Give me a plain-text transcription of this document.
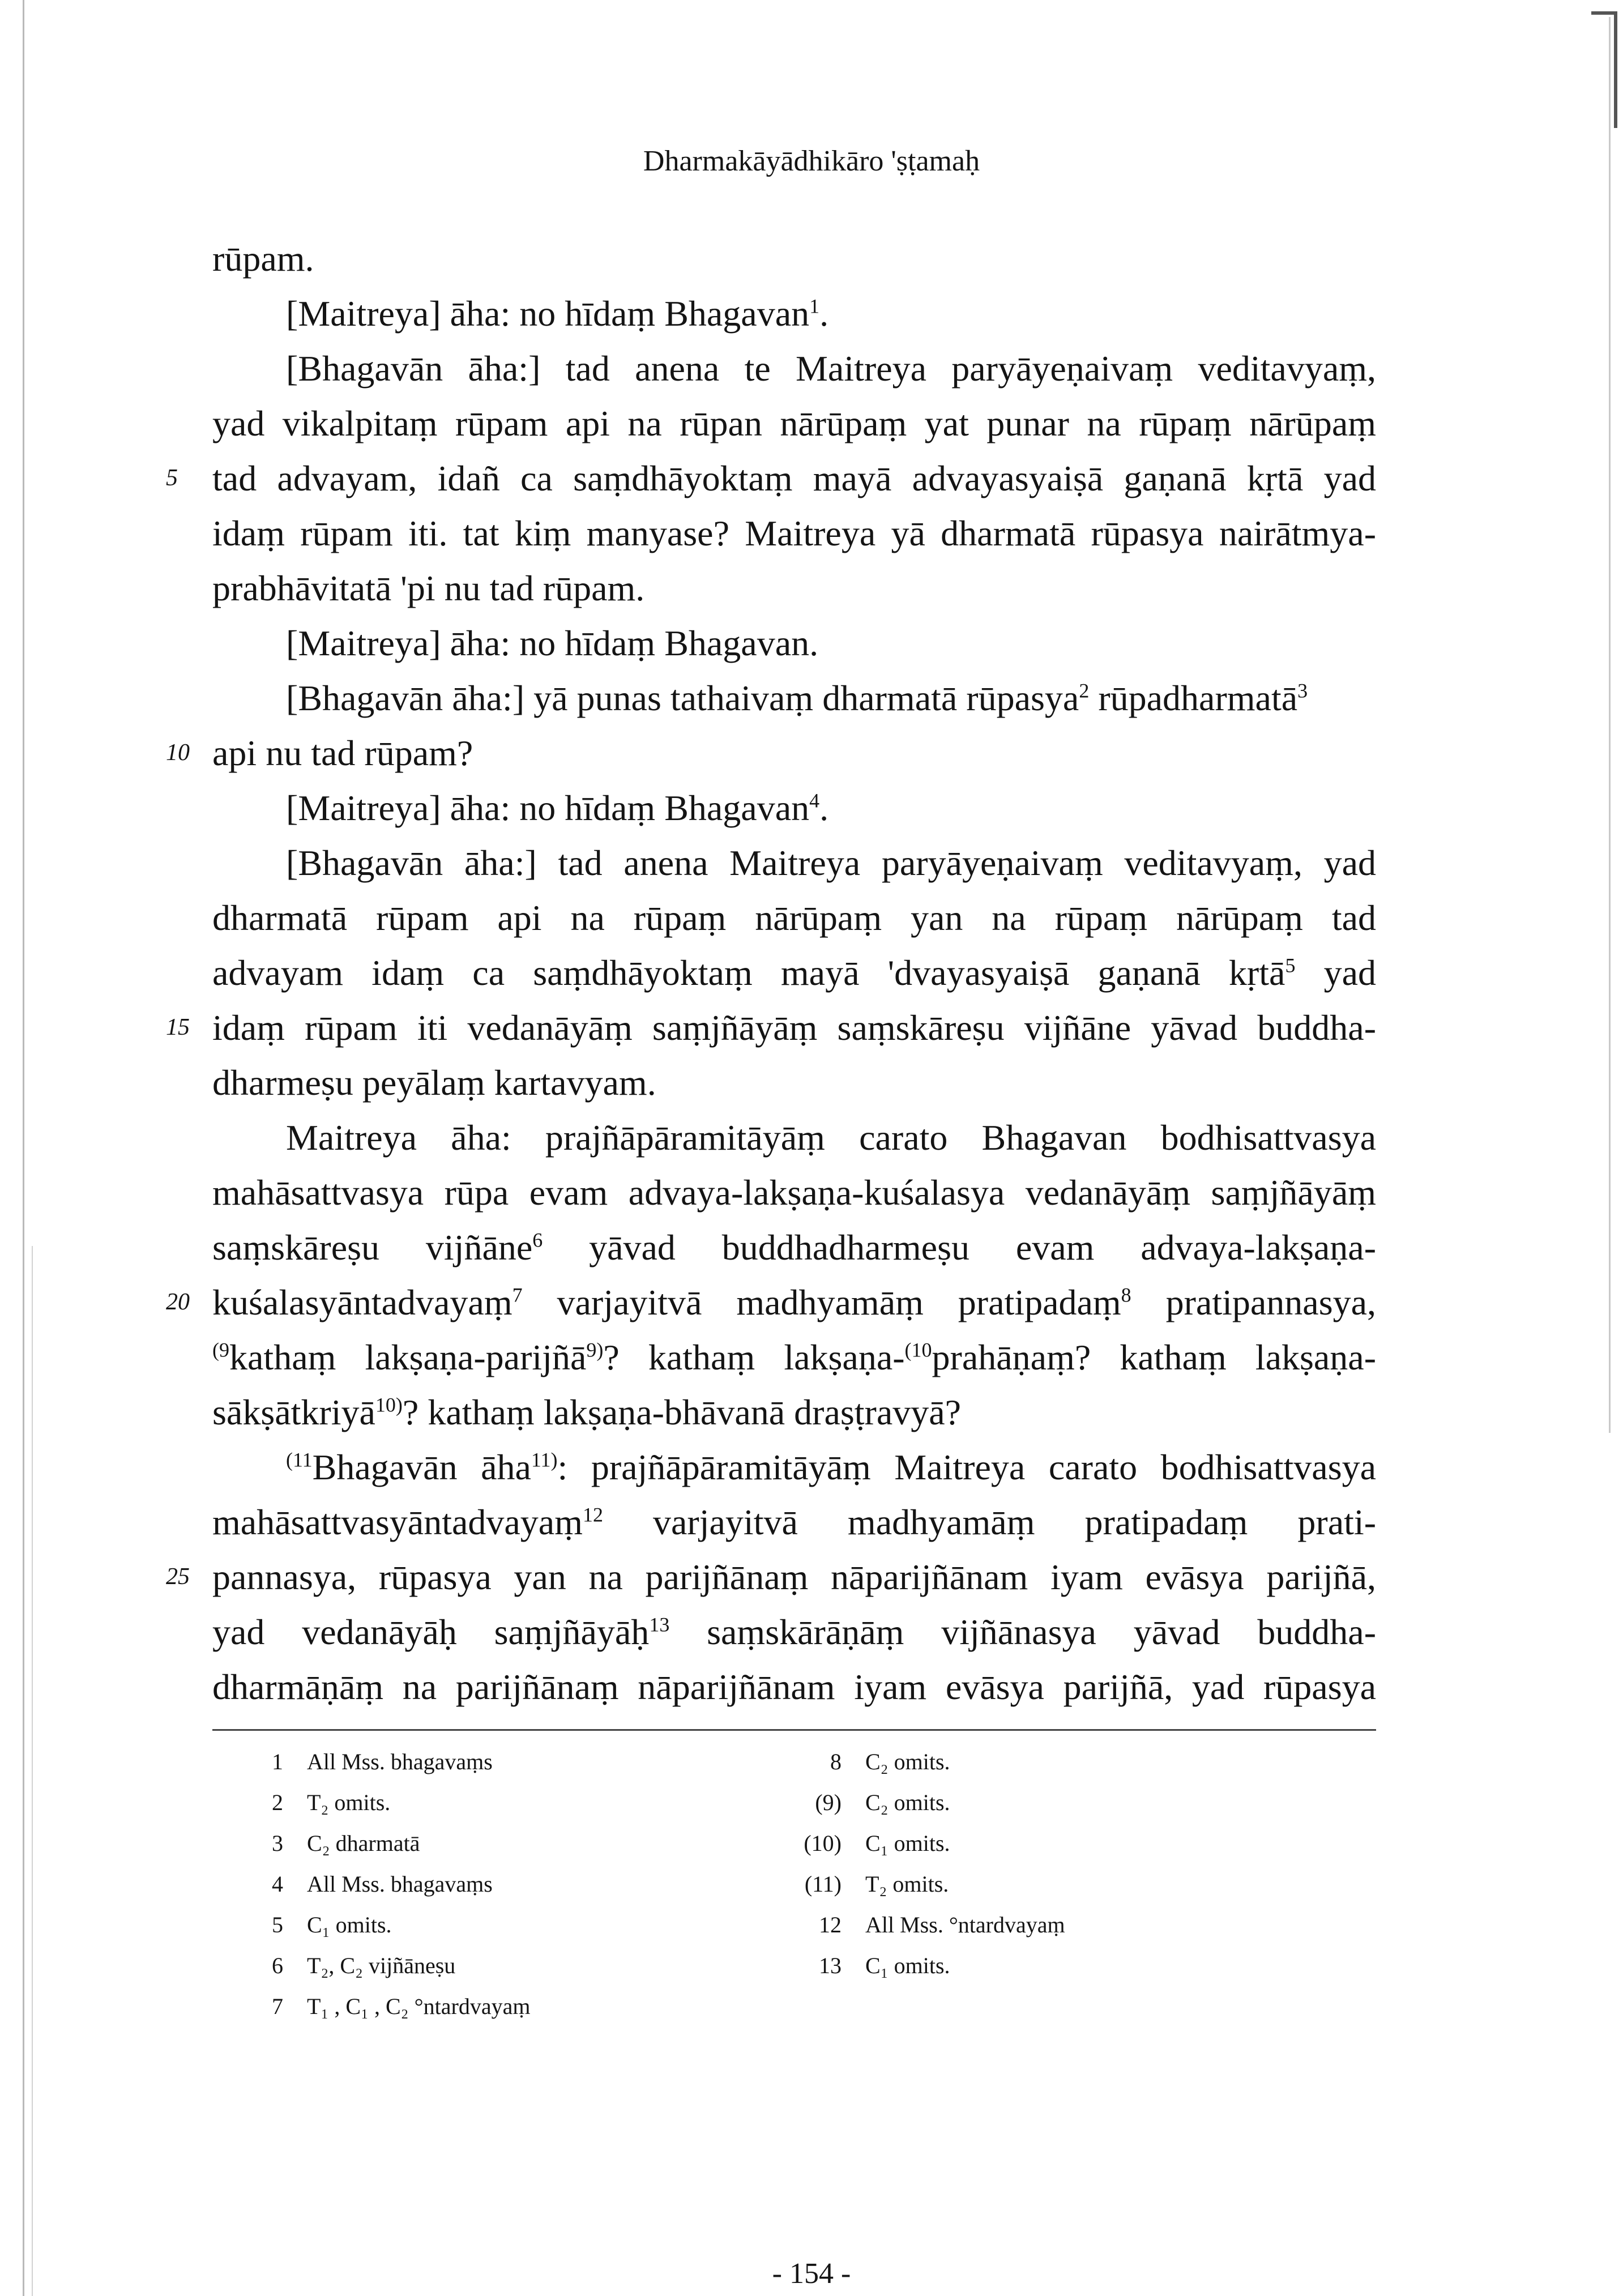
Dharmakāyādhikāro 'ṣṭamaḥ
rūpam.
[Maitreya] āha: no hīdaṃ Bhagavan$^1$.
[Bhagavān āha:] tad anena te Maitreya paryāyeṇaivaṃ veditavyaṃ,
yad vikalpitaṃ rūpam api na rūpan nārūpaṃ yat punar na rūpaṃ nārūpaṃ
5 tad advayam, idañ ca saṃdhāyoktaṃ mayā advayasyaiṣā gaṇanā kṛtā yad
idaṃ rūpam iti. tat kiṃ manyase? Maitreya yā dharmatā rūpasya nairātmya-
prabhāvitatā 'pi nu tad rūpam.
[Maitreya] āha: no hīdaṃ Bhagavan.
[Bhagavān āha:] yā punas tathaivaṃ dharmatā rūpasya$^2$ rūpadharmatā$^3$
10 api nu tad rūpam?
[Maitreya] āha: no hīdaṃ Bhagavan$^4$.
[Bhagavān āha:] tad anena Maitreya paryāyeṇaivaṃ veditavyaṃ, yad
dharmatā rūpam api na rūpaṃ nārūpaṃ yan na rūpaṃ nārūpaṃ tad
advayam idaṃ ca saṃdhāyoktaṃ mayā 'dvayasyaiṣā gaṇanā kṛtā$^5$ yad
15 idaṃ rūpam iti vedanāyāṃ saṃjñāyāṃ saṃskāreṣu vijñāne yāvad buddha-
dharmeṣu peyālaṃ kartavyam.
Maitreya āha: prajñāpāramitāyāṃ carato Bhagavan bodhisattvasya
mahāsattvasya rūpa evam advaya-lakṣaṇa-kuśalasya vedanāyāṃ saṃjñāyāṃ
saṃskāreṣu vijñāne$^6$ yāvad buddhadharmeṣu evam advaya-lakṣaṇa-
20 kuśalasyāntadvayaṃ$^7$ varjayitvā madhyamāṃ pratipadaṃ$^8$ pratipannasya,
$^{(9}$kathaṃ lakṣaṇa-parijñā$^{9)}$? kathaṃ lakṣaṇa-$^{(10}$prahāṇaṃ? kathaṃ lakṣaṇa-
sākṣātkriyā$^{10)}$? kathaṃ lakṣaṇa-bhāvanā draṣṭravyā?
$^{(11}$Bhagavān āha$^{11)}$: prajñāpāramitāyāṃ Maitreya carato bodhisattvasya
mahāsattvasyāntadvayaṃ$^{12}$ varjayitvā madhyamāṃ pratipadaṃ prati-
25 pannasya, rūpasya yan na parijñānaṃ nāparijñānam iyam evāsya parijñā,
yad vedanāyāḥ saṃjñāyāḥ$^{13}$ saṃskārāṇāṃ vijñānasya yāvad buddha-
dharmāṇāṃ na parijñānaṃ nāparijñānam iyam evāsya parijñā, yad rūpasya
1	All Mss. bhagavaṃs
2	T₂ omits.
3	C₂ dharmatā
4	All Mss. bhagavaṃs
5	C₁ omits.
6	T₂, C₂ vijñāneṣu
7	T₁ , C₁ , C₂ °ntardvayaṃ
8	C₂ omits.
(9)	C₂ omits.
(10)	C₁ omits.
(11)	T₂ omits.
12	All Mss. °ntardvayaṃ
13	C₁ omits.
- 154 -
